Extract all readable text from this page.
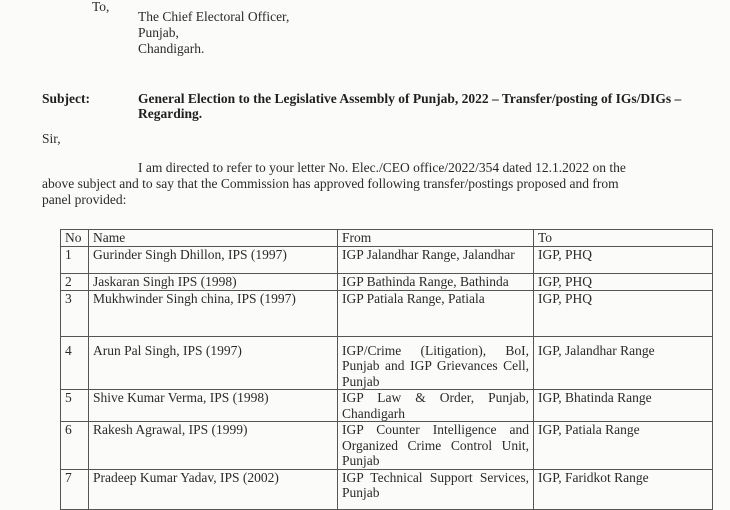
To,
The Chief Electoral Officer,
Punjab,
Chandigarh.
Subject:	General Election to the Legislative Assembly of Punjab, 2022 – Transfer/posting of IGs/DIGs –
Regarding.
Sir,
I am directed to refer to your letter No. Elec./CEO office/2022/354 dated 12.1.2022 on the
above subject and to say that the Commission has approved following transfer/postings proposed and from
panel provided:
No	Name	From	To
1	Gurinder Singh Dhillon, IPS (1997)	IGP Jalandhar Range, Jalandhar	IGP, PHQ
2	Jaskaran Singh IPS (1998)	IGP Bathinda Range, Bathinda	IGP, PHQ
3	Mukhwinder Singh china, IPS (1997)	IGP Patiala Range, Patiala	IGP, PHQ
4	Arun Pal Singh, IPS (1997)	IGP/Crime (Litigation), BoI, Punjab and IGP Grievances Cell, Punjab	IGP, Jalandhar Range
5	Shive Kumar Verma, IPS (1998)	IGP Law & Order, Punjab, Chandigarh	IGP, Bhatinda Range
6	Rakesh Agrawal, IPS (1999)	IGP Counter Intelligence and Organized Crime Control Unit, Punjab	IGP, Patiala Range
7	Pradeep Kumar Yadav, IPS (2002)	IGP Technical Support Services, Punjab	IGP, Faridkot Range
